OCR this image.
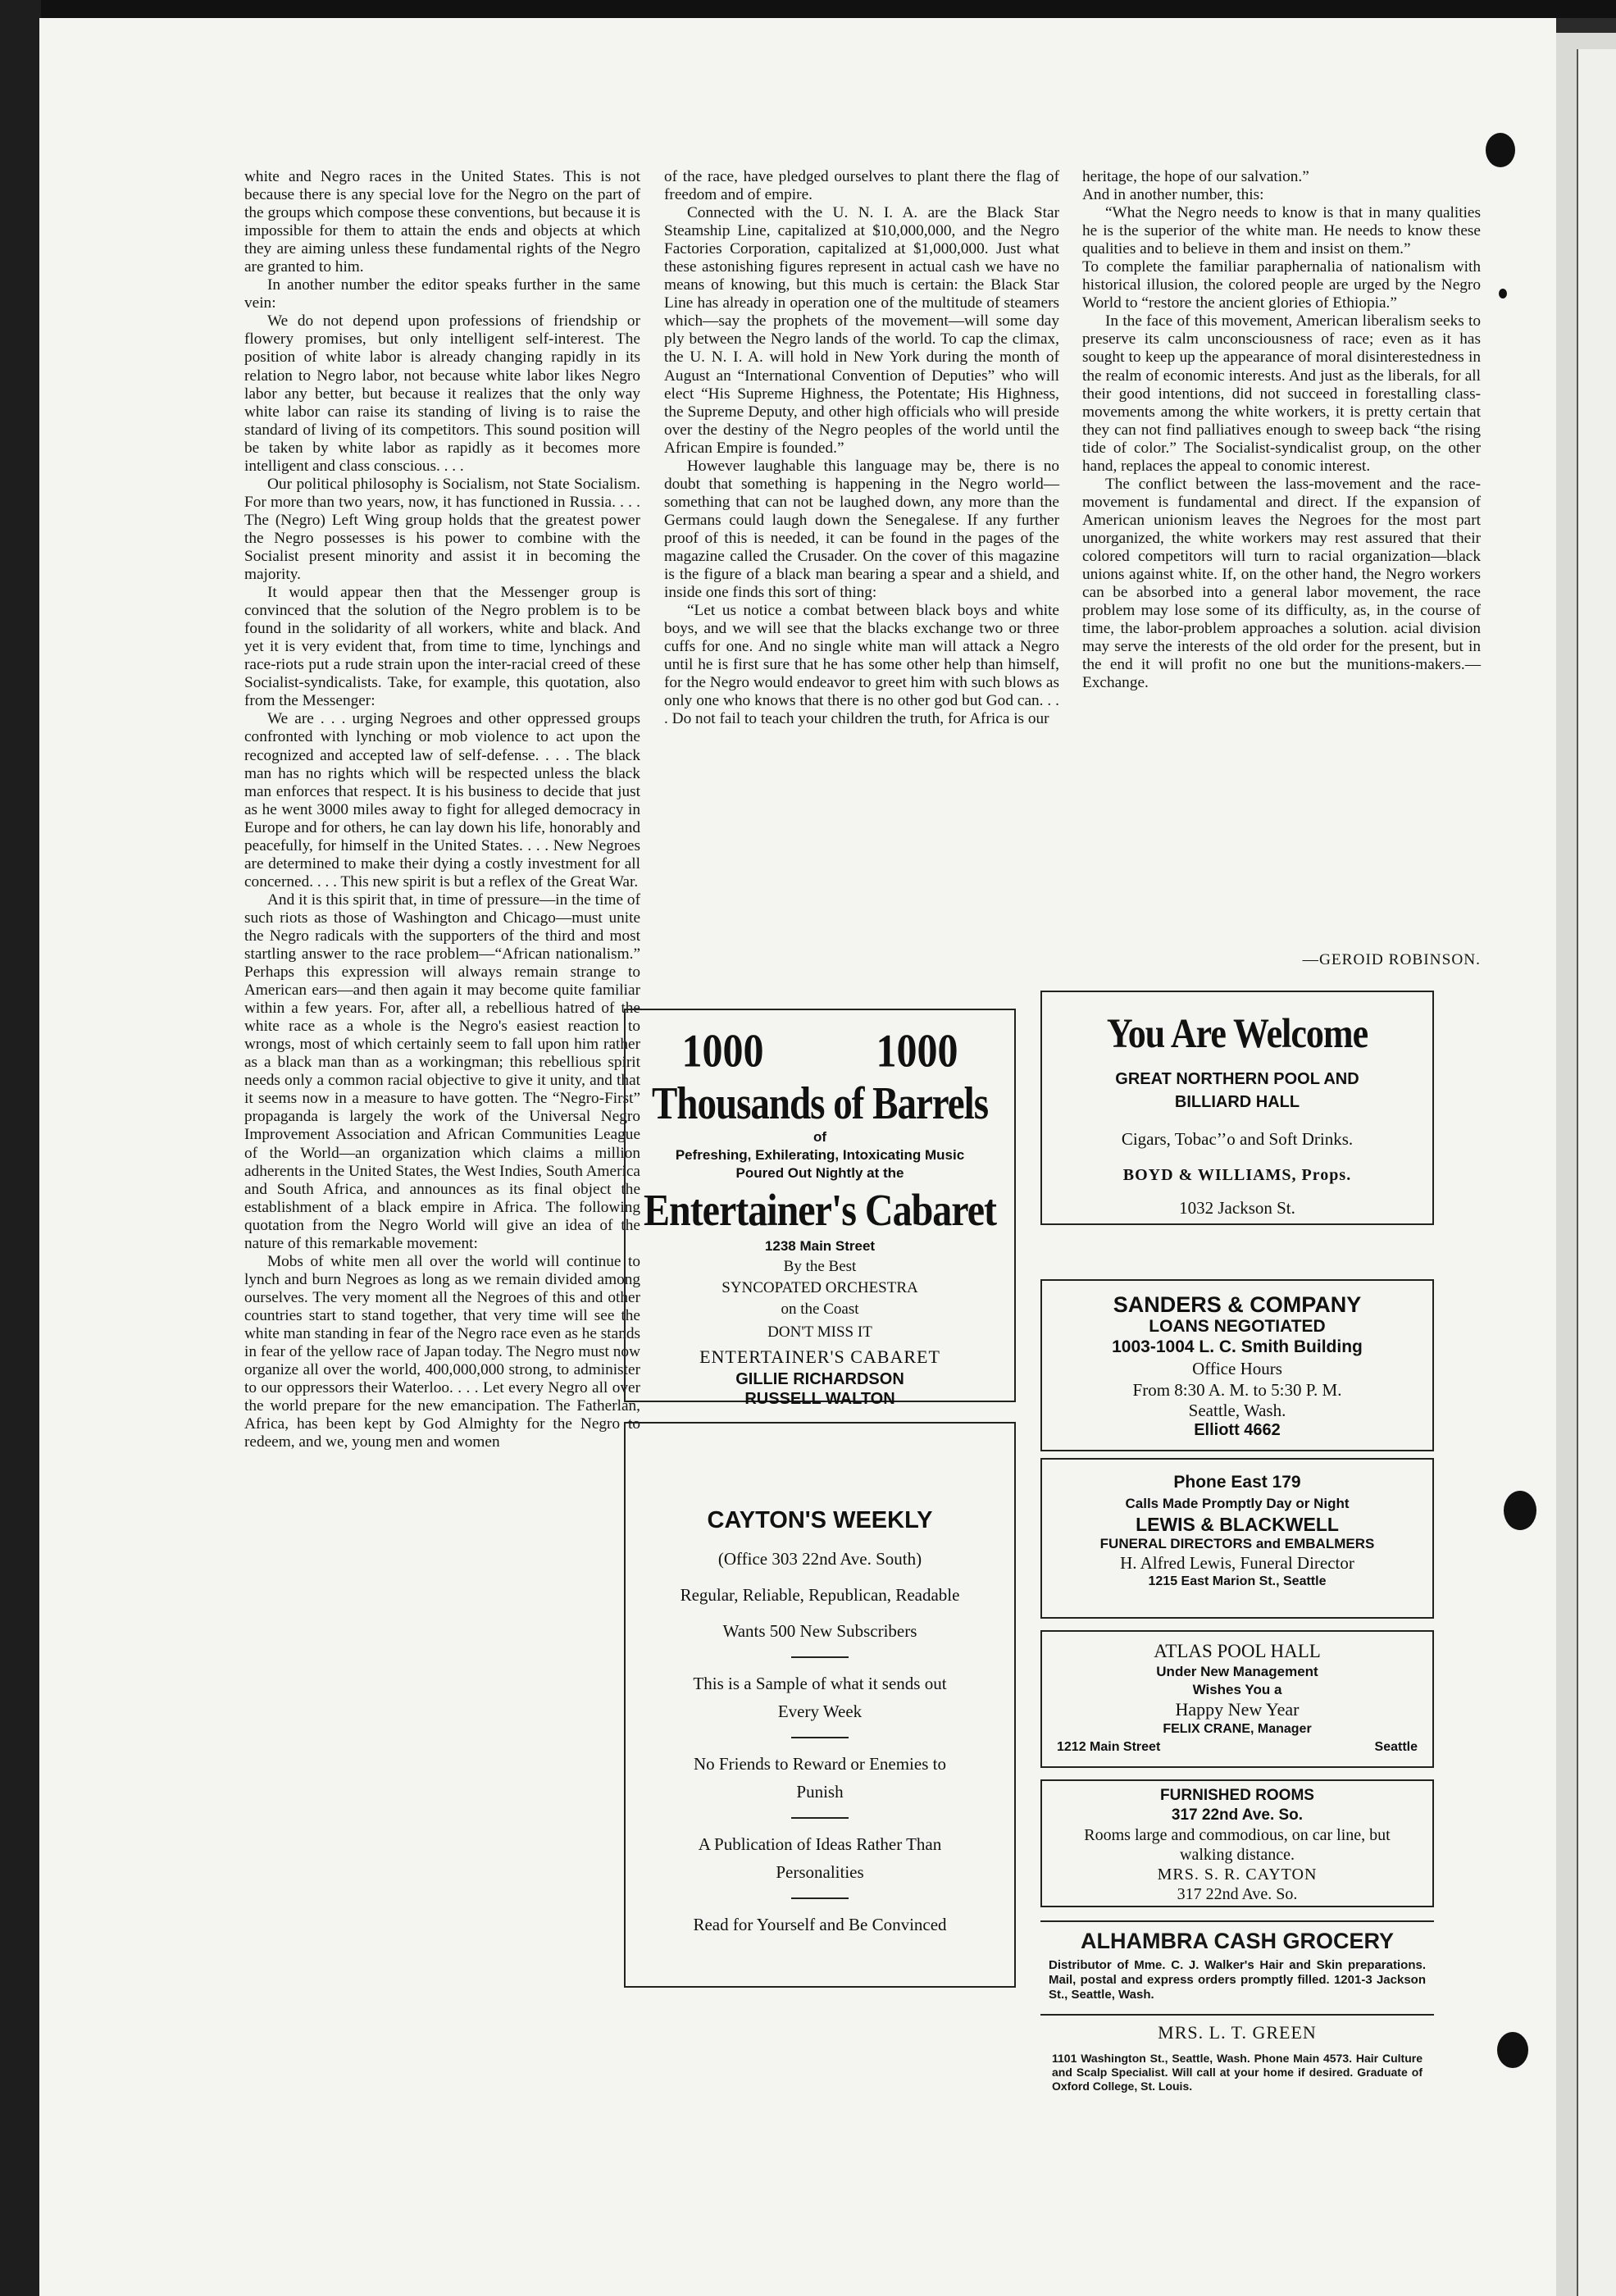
white and Negro races in the United States. This is not because there is any special love for the Negro on the part of the groups which compose these conventions, but because it is impossible for them to attain the ends and objects at which they are aiming unless these fundamental rights of the Negro are granted to him.

In another number the editor speaks further in the same vein:

We do not depend upon professions of friendship or flowery promises, but only intelligent self-interest. The position of white labor is already changing rapidly in its relation to Negro labor, not because white labor likes Negro labor any better, but because it realizes that the only way white labor can raise its standing of living is to raise the standard of living of its competitors. This sound position will be taken by white labor as rapidly as it becomes more intelligent and class conscious. . . .

Our political philosophy is Socialism, not State Socialism. For more than two years, now, it has functioned in Russia. . . . The (Negro) Left Wing group holds that the greatest power the Negro possesses is his power to combine with the Socialist present minority and assist it in becoming the majority.

It would appear then that the Messenger group is convinced that the solution of the Negro problem is to be found in the solidarity of all workers, white and black. And yet it is very evident that, from time to time, lynchings and race-riots put a rude strain upon the inter-racial creed of these Socialist-syndicalists. Take, for example, this quotation, also from the Messenger:

We are . . . urging Negroes and other oppressed groups confronted with lynching or mob violence to act upon the recognized and accepted law of self-defense. . . . The black man has no rights which will be respected unless the black man enforces that respect. It is his business to decide that just as he went 3000 miles away to fight for alleged democracy in Europe and for others, he can lay down his life, honorably and peacefully, for himself in the United States. . . . New Negroes are determined to make their dying a costly investment for all concerned. . . . This new spirit is but a reflex of the Great War.

And it is this spirit that, in time of pressure—in the time of such riots as those of Washington and Chicago—must unite the Negro radicals with the supporters of the third and most startling answer to the race problem—“African nationalism.” Perhaps this expression will always remain strange to American ears—and then again it may become quite familiar within a few years. For, after all, a rebellious hatred of the white race as a whole is the Negro's easiest reaction to wrongs, most of which certainly seem to fall upon him rather as a black man than as a workingman; this rebellious spirit needs only a common racial objective to give it unity, and that it seems now in a measure to have gotten. The “Negro-First” propaganda is largely the work of the Universal Negro Improvement Association and African Communities League of the World—an organization which claims a million adherents in the United States, the West Indies, South America and South Africa, and announces as its final object the establishment of a black empire in Africa. The following quotation from the Negro World will give an idea of the nature of this remarkable movement:

Mobs of white men all over the world will continue to lynch and burn Negroes as long as we remain divided among ourselves. The very moment all the Negroes of this and other countries start to stand together, that very time will see the white man standing in fear of the Negro race even as he stands in fear of the yellow race of Japan today. The Negro must now organize all over the world, 400,000,000 strong, to administer to our oppressors their Waterloo. . . . Let every Negro all over the world prepare for the new emancipation. The Fatherlan, Africa, has been kept by God Almighty for the Negro to redeem, and we, young men and women

of the race, have pledged ourselves to plant there the flag of freedom and of empire.

Connected with the U. N. I. A. are the Black Star Steamship Line, capitalized at $10,000,000, and the Negro Factories Corporation, capitalized at $1,000,000. Just what these astonishing figures represent in actual cash we have no means of knowing, but this much is certain: the Black Star Line has already in operation one of the multitude of steamers which—say the prophets of the movement—will some day ply between the Negro lands of the world. To cap the climax, the U. N. I. A. will hold in New York during the month of August an “International Convention of Deputies” who will elect “His Supreme Highness, the Potentate; His Highness, the Supreme Deputy, and other high officials who will preside over the destiny of the Negro peoples of the world until the African Empire is founded.”

However laughable this language may be, there is no doubt that something is happening in the Negro world—something that can not be laughed down, any more than the Germans could laugh down the Senegalese. If any further proof of this is needed, it can be found in the pages of the magazine called the Crusader. On the cover of this magazine is the figure of a black man bearing a spear and a shield, and inside one finds this sort of thing:

“Let us notice a combat between black boys and white boys, and we will see that the blacks exchange two or three cuffs for one. And no single white man will attack a Negro until he is first sure that he has some other help than himself, for the Negro would endeavor to greet him with such blows as only one who knows that there is no other god but God can. . . . Do not fail to teach your children the truth, for Africa is our

heritage, the hope of our salvation.”

And in another number, this:

“What the Negro needs to know is that in many qualities he is the superior of the white man. He needs to know these qualities and to believe in them and insist on them.”

To complete the familiar paraphernalia of nationalism with historical illusion, the colored people are urged by the Negro World to “restore the ancient glories of Ethiopia.”

In the face of this movement, American liberalism seeks to preserve its calm unconsciousness of race; even as it has sought to keep up the appearance of moral disinterestedness in the realm of economic interests. And just as the liberals, for all their good intentions, did not succeed in forestalling class-movements among the white workers, it is pretty certain that they can not find palliatives enough to sweep back “the rising tide of color.” The Socialist-syndicalist group, on the other hand, replaces the appeal to conomic interest.

The conflict between the lass-movement and the race-movement is fundamental and direct. If the expansion of American unionism leaves the Negroes for the most part unorganized, the white workers may rest assured that their colored competitors will turn to racial organization—black unions against white. If, on the other hand, the Negro workers can be absorbed into a general labor movement, the race problem may lose some of its difficulty, as, in the course of time, the labor-problem approaches a solution. acial division may serve the interests of the old order for the present, but in the end it will profit no one but the munitions-makers.—Exchange.

—GEROID ROBINSON.

1000	1000
Thousands of Barrels
of
Pefreshing, Exhilerating, Intoxicating Music
Poured Out Nightly at the
Entertainer's Cabaret
1238 Main Street
By the Best
SYNCOPATED ORCHESTRA
on the Coast
DON'T MISS IT
ENTERTAINER'S CABARET
GILLIE RICHARDSON
RUSSELL WALTON
CAYTON'S WEEKLY
(Office 303 22nd Ave. South)
Regular, Reliable, Republican, Readable
Wants 500 New Subscribers
This is a Sample of what it sends out
Every Week
No Friends to Reward or Enemies to
Punish
A Publication of Ideas Rather Than
Personalities
Read for Yourself and Be Convinced
You Are Welcome
GREAT NORTHERN POOL AND
BILLIARD HALL
Cigars, Tobac’’o and Soft Drinks.
BOYD & WILLIAMS, Props.
1032 Jackson St.
SANDERS & COMPANY
LOANS NEGOTIATED
1003-1004 L. C. Smith Building
Office Hours
From 8:30 A. M. to 5:30 P. M.
Seattle, Wash.
Elliott 4662
Phone East 179
Calls Made Promptly Day or Night
LEWIS & BLACKWELL
FUNERAL DIRECTORS and EMBALMERS
H. Alfred Lewis, Funeral Director
1215 East Marion St., Seattle
ATLAS POOL HALL
Under New Management
Wishes You a
Happy New Year
FELIX CRANE, Manager
1212 Main Street	Seattle
FURNISHED ROOMS
317 22nd Ave. So.
Rooms large and commodious, on car line, but walking distance.
MRS. S. R. CAYTON
317 22nd Ave. So.
ALHAMBRA CASH GROCERY
Distributor of Mme. C. J. Walker's Hair and Skin preparations. Mail, postal and express orders promptly filled. 1201-3 Jackson St., Seattle, Wash.
MRS. L. T. GREEN
1101 Washington St., Seattle, Wash. Phone Main 4573. Hair Culture and Scalp Specialist. Will call at your home if desired. Graduate of Oxford College, St. Louis.
